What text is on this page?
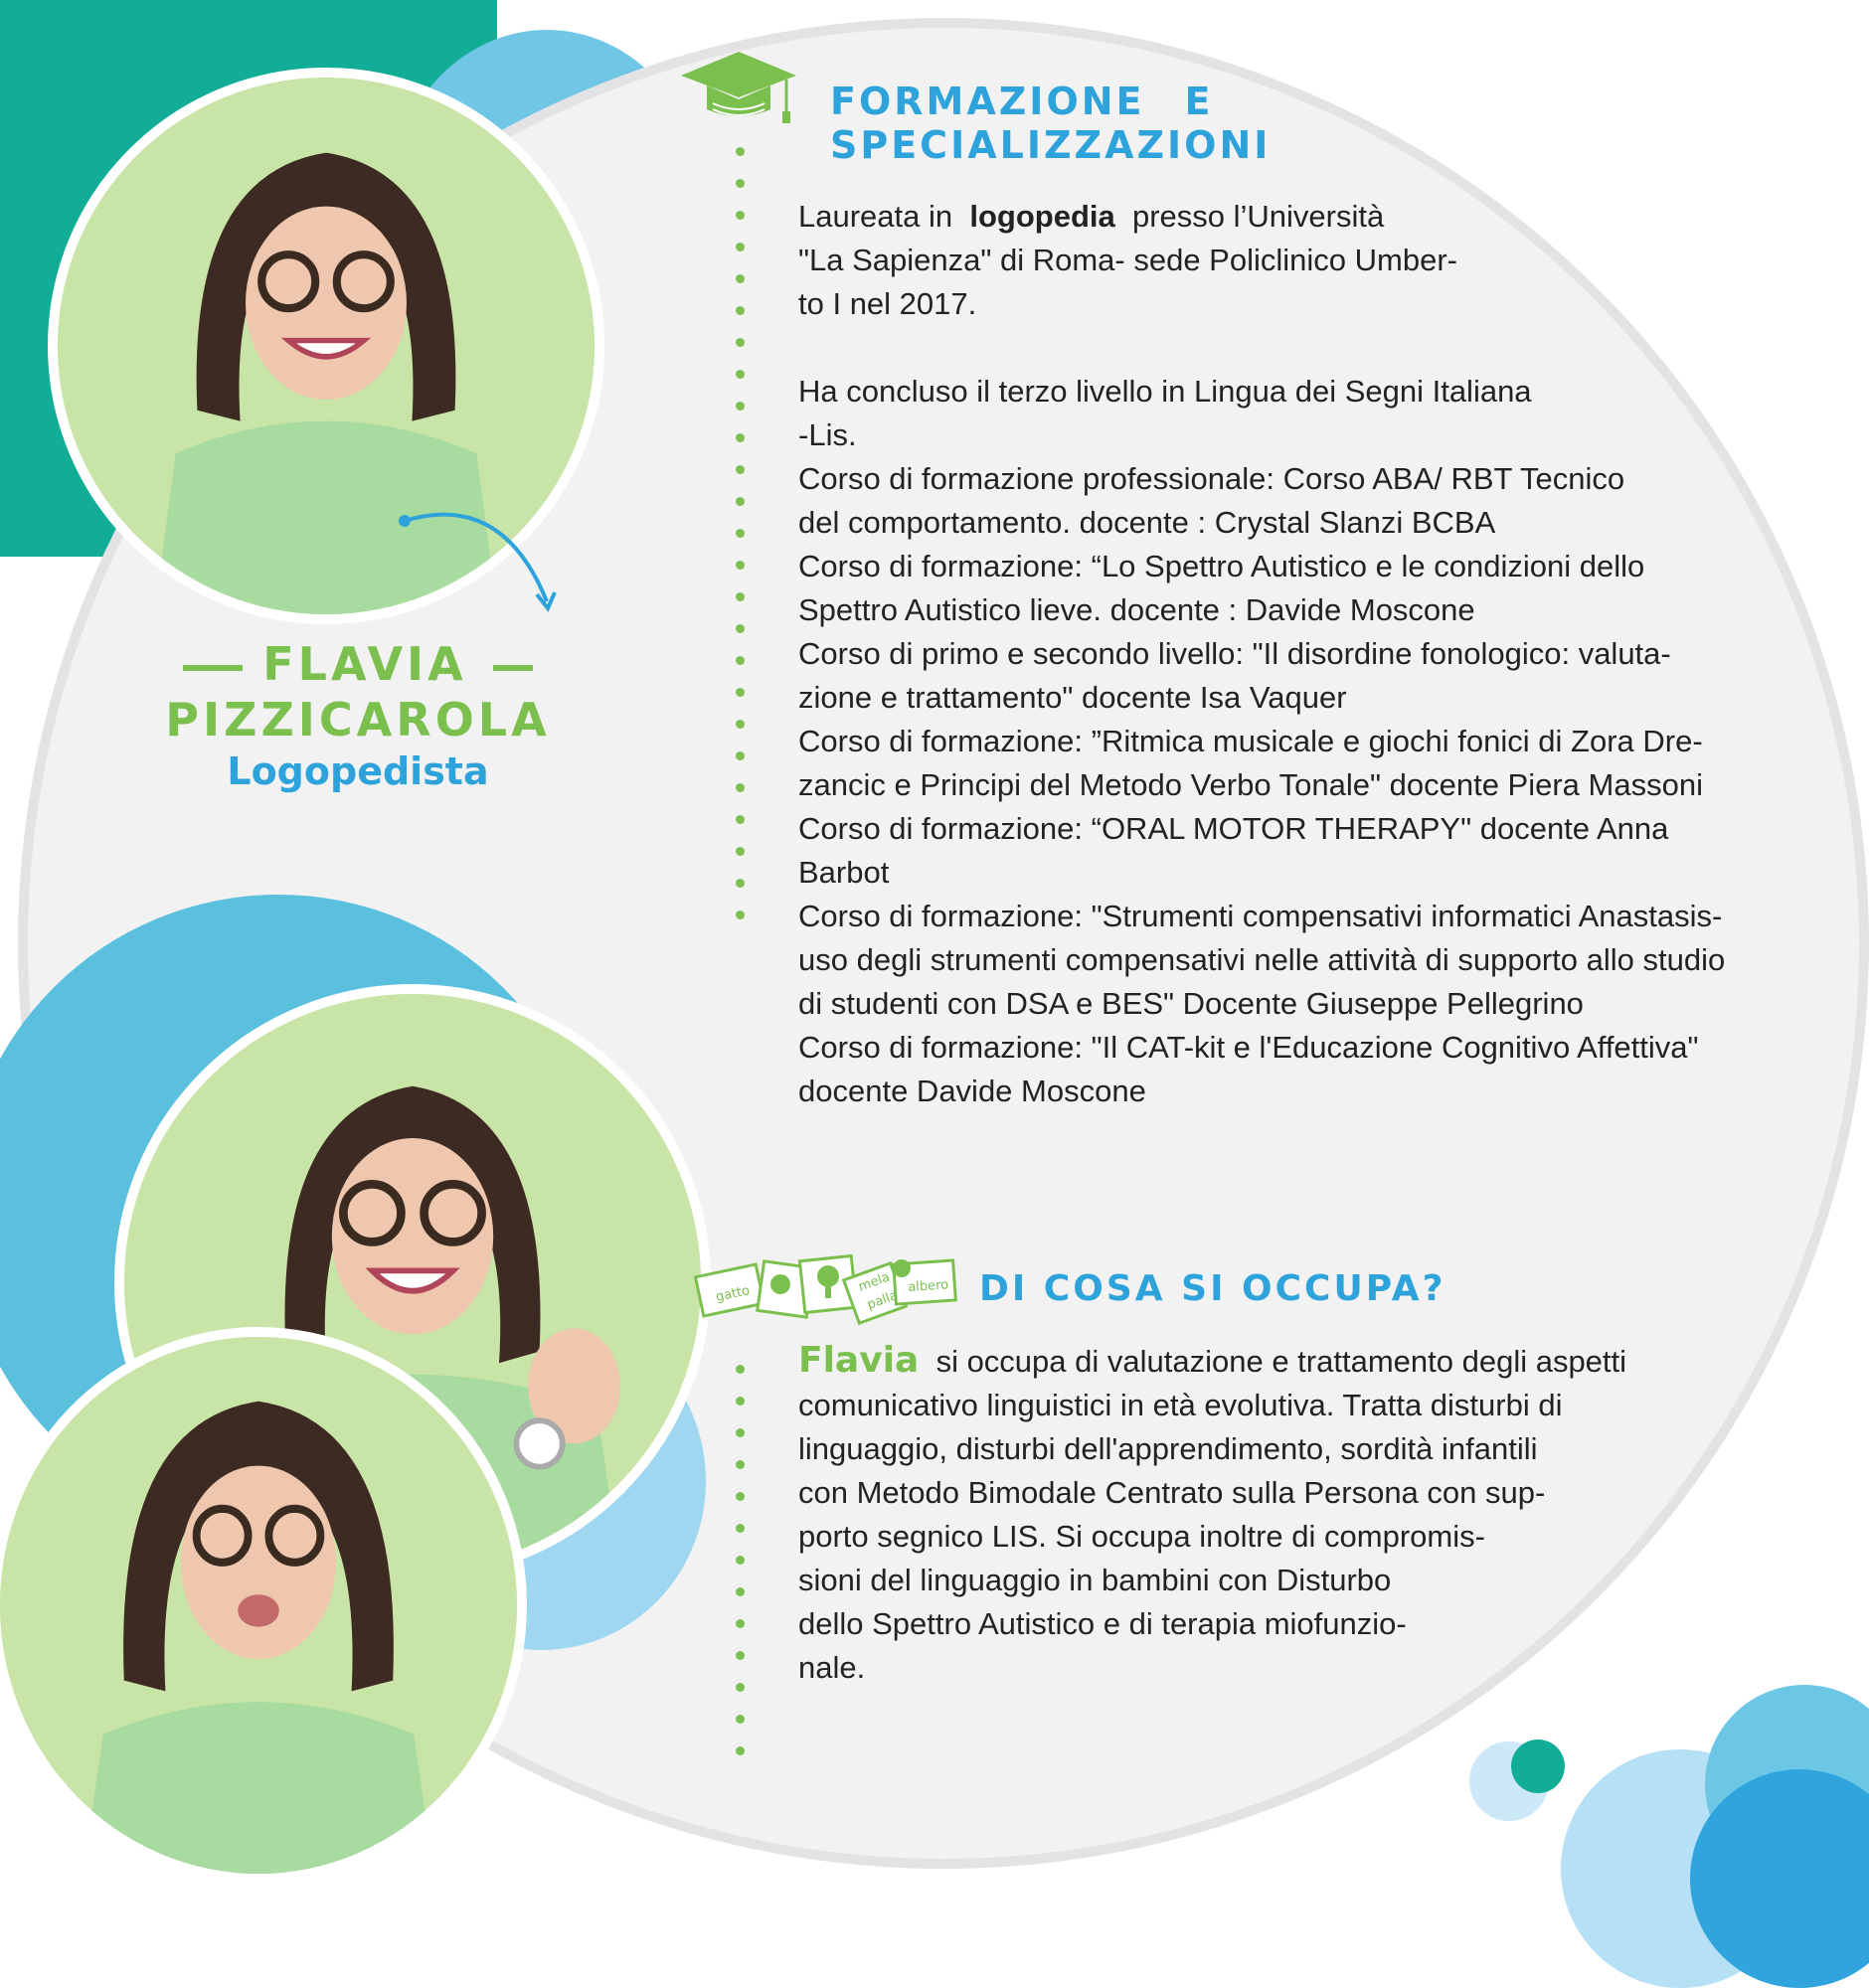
FLAVIA
PIZZICAROLA
Logopedista
FORMAZIONE E
SPECIALIZZAZIONI

Laureata in logopedia presso l’Università

"La Sapienza" di Roma- sede Policlinico Umber-

to I nel 2017.

Ha concluso il terzo livello in Lingua dei Segni Italiana

-Lis.

Corso di formazione professionale: Corso ABA/ RBT Tecnico

del comportamento. docente : Crystal Slanzi BCBA

Corso di formazione: “Lo Spettro Autistico e le condizioni dello

Spettro Autistico lieve. docente : Davide Moscone

Corso di primo e secondo livello: "Il disordine fonologico: valuta-

zione e trattamento" docente Isa Vaquer

Corso di formazione: ”Ritmica musicale e giochi fonici di Zora Dre-

zancic e Principi del Metodo Verbo Tonale" docente Piera Massoni

Corso di formazione: “ORAL MOTOR THERAPY" docente Anna

Barbot

Corso di formazione: "Strumenti compensativi informatici Anastasis-

uso degli strumenti compensativi nelle attività di supporto allo studio

di studenti con DSA e BES" Docente Giuseppe Pellegrino

Corso di formazione: "Il CAT-kit e l'Educazione Cognitivo Affettiva"

docente Davide Moscone

gatto	palla
albero
mela DI COSA SI OCCUPA?

Flavia si occupa di valutazione e trattamento degli aspetti

comunicativo linguistici in età evolutiva. Tratta disturbi di

linguaggio, disturbi dell'apprendimento, sordità infantili

con Metodo Bimodale Centrato sulla Persona con sup-

porto segnico LIS. Si occupa inoltre di compromis-

sioni del linguaggio in bambini con Disturbo

dello Spettro Autistico e di terapia miofunzio-

nale.
